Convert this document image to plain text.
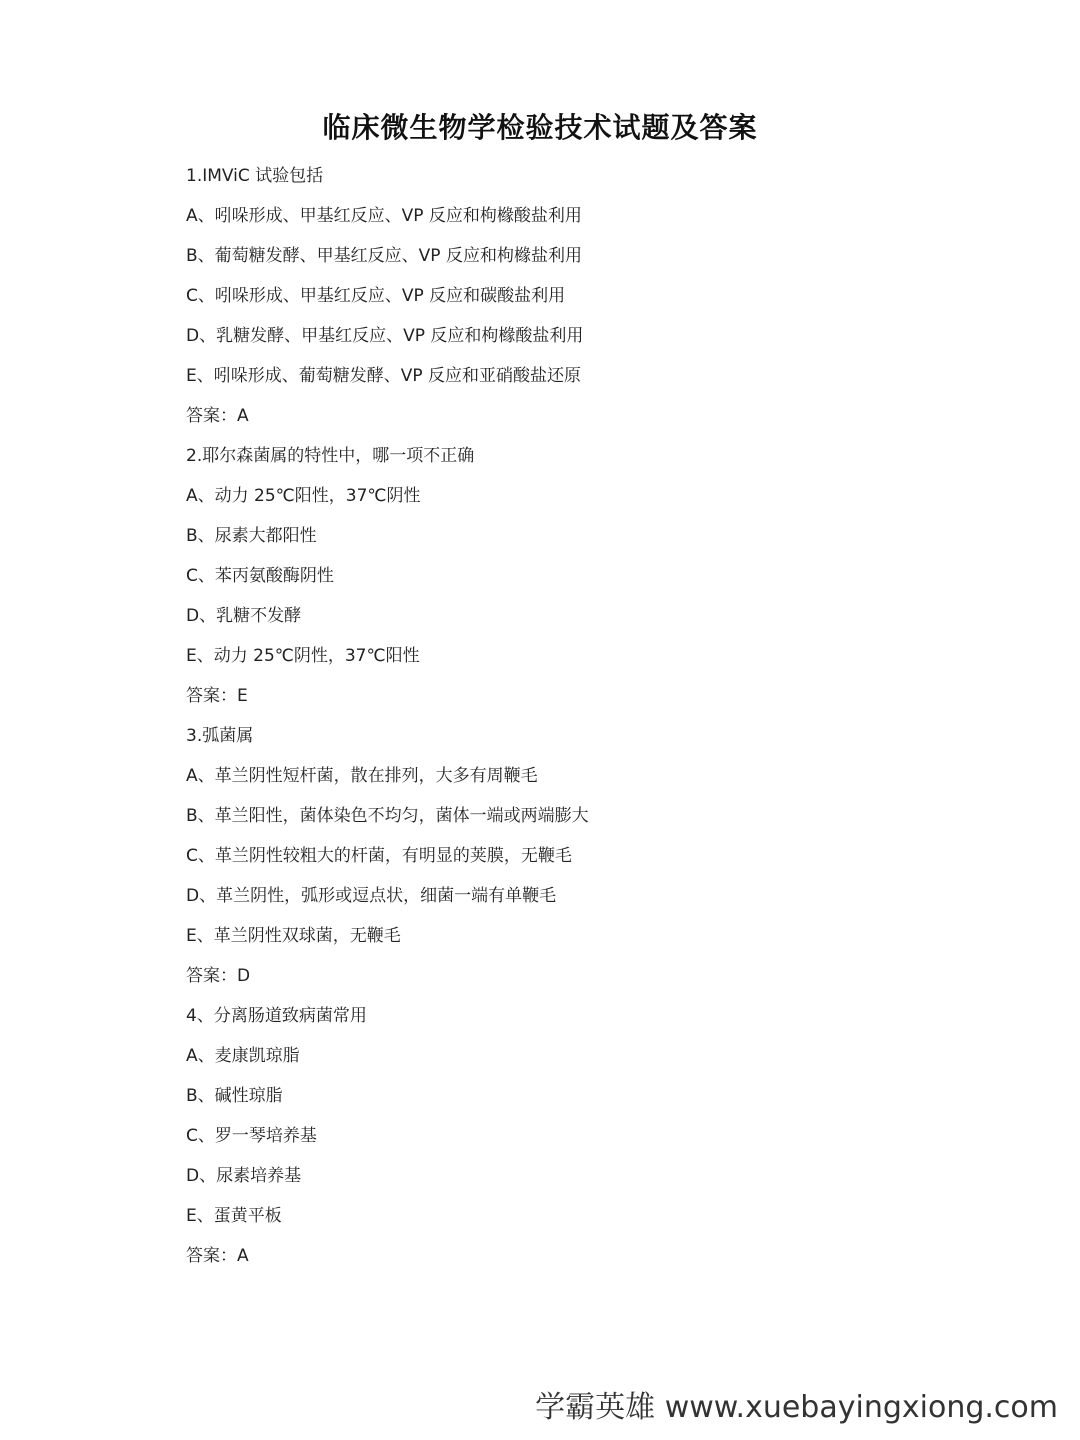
临床微生物学检验技术试题及答案
1.IMViC 试验包括
A、吲哚形成、甲基红反应、VP 反应和枸橼酸盐利用
B、葡萄糖发酵、甲基红反应、VP 反应和枸橼盐利用
C、吲哚形成、甲基红反应、VP 反应和碳酸盐利用
D、乳糖发酵、甲基红反应、VP 反应和枸橼酸盐利用
E、吲哚形成、葡萄糖发酵、VP 反应和亚硝酸盐还原
答案：A
2.耶尔森菌属的特性中，哪一项不正确
A、动力 25℃阳性，37℃阴性
B、尿素大都阳性
C、苯丙氨酸酶阴性
D、乳糖不发酵
E、动力 25℃阴性，37℃阳性
答案：E
3.弧菌属
A、革兰阴性短杆菌，散在排列，大多有周鞭毛
B、革兰阳性，菌体染色不均匀，菌体一端或两端膨大
C、革兰阴性较粗大的杆菌，有明显的荚膜，无鞭毛
D、革兰阴性，弧形或逗点状，细菌一端有单鞭毛
E、革兰阴性双球菌，无鞭毛
答案：D
4、分离肠道致病菌常用
A、麦康凯琼脂
B、碱性琼脂
C、罗一琴培养基
D、尿素培养基
E、蛋黄平板
答案：A
学霸英雄 www.xuebayingxiong.com
